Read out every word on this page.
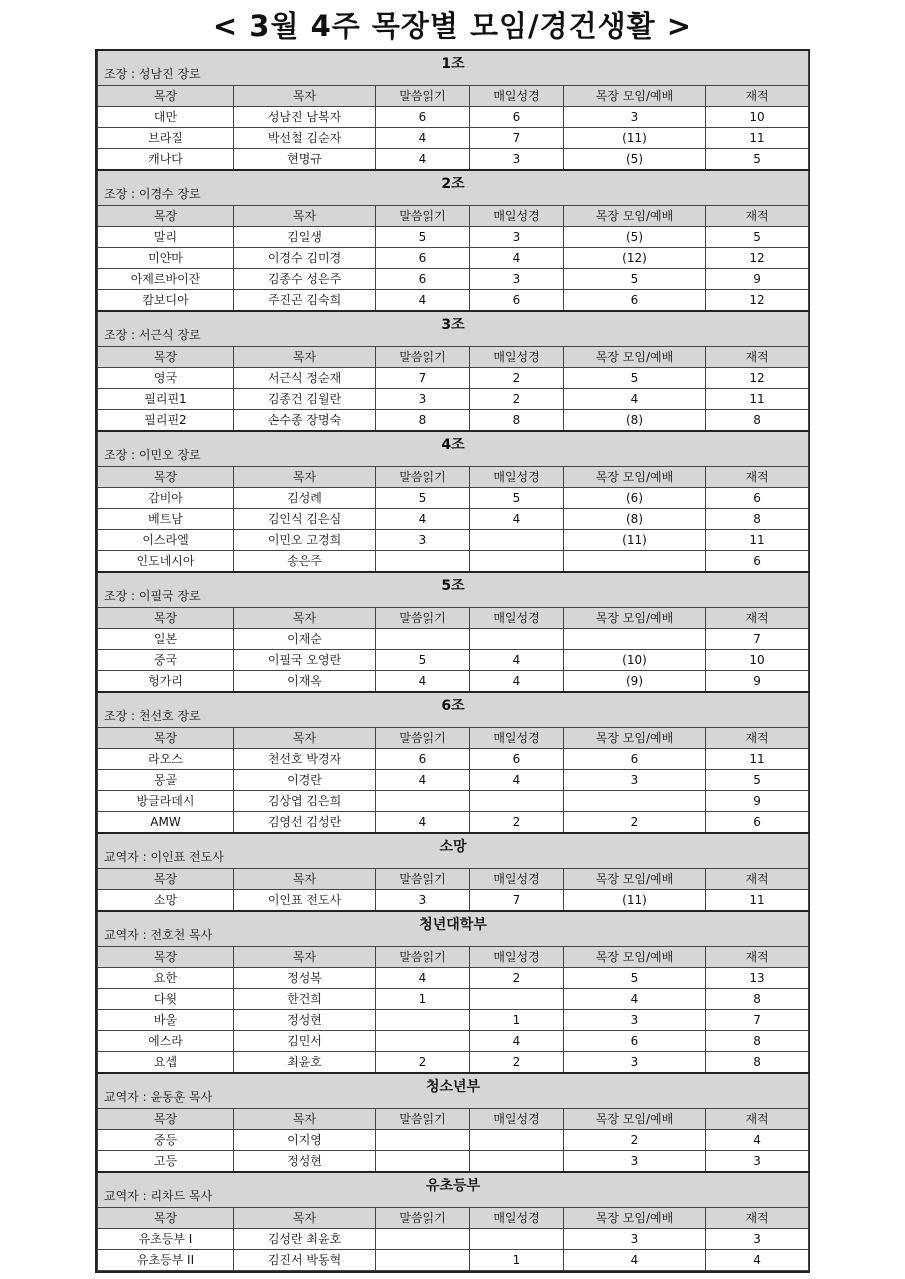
< 3월 4주 목장별 모임/경건생활 >
조장 : 성남진 장로
1조					

목장	목자	말씀읽기	매일성경	목장 모임/예배	재적
대만	성남진 남복자	6	6	3	10
브라질	박선철 김순자	4	7	(11)	11
캐나다	현명규	4	3	(5)	5

조장 : 이경수 장로
2조					

목장	목자	말씀읽기	매일성경	목장 모임/예배	재적
말리	김일생	5	3	(5)	5
미얀마	이경수 김미경	6	4	(12)	12
아제르바이잔	김종수 성은주	6	3	5	9
캄보디아	주진곤 김숙희	4	6	6	12

조장 : 서근식 장로
3조					

목장	목자	말씀읽기	매일성경	목장 모임/예배	재적
영국	서근식 정순재	7	2	5	12
필리핀1	김종건 김월란	3	2	4	11
필리핀2	손수종 장명숙	8	8	(8)	8

조장 : 이민오 장로
4조					

목장	목자	말씀읽기	매일성경	목장 모임/예배	재적
감비아	김성례	5	5	(6)	6
베트남	김인식 김은심	4	4	(8)	8
이스라엘	이민오 고경희	3		(11)	11
인도네시아	송은주				6

조장 : 이필국 장로
5조					

목장	목자	말씀읽기	매일성경	목장 모임/예배	재적
일본	이재순				7
중국	이필국 오영란	5	4	(10)	10
헝가리	이재옥	4	4	(9)	9

조장 : 천선호 장로
6조					

목장	목자	말씀읽기	매일성경	목장 모임/예배	재적
라오스	천선호 박경자	6	6	6	11
몽골	이경란	4	4	3	5
방글라데시	김상엽 김은희				9
AMW	김영선 김성란	4	2	2	6

교역자 : 이인표 전도사
소망					

목장	목자	말씀읽기	매일성경	목장 모임/예배	재적
소망	이인표 전도사	3	7	(11)	11

교역자 : 전호천 목사
청년대학부					

목장	목자	말씀읽기	매일성경	목장 모임/예배	재적
요한	정성복	4	2	5	13
다윗	한건희	1		4	8
바울	정성현		1	3	7
에스라	김민서		4	6	8
요셉	최윤호	2	2	3	8

교역자 : 윤동훈 목사
청소년부					

목장	목자	말씀읽기	매일성경	목장 모임/예배	재적
중등	이지영			2	4
고등	정성현			3	3

교역자 : 리차드 목사
유초등부					

목장	목자	말씀읽기	매일성경	목장 모임/예배	재적
유초등부 I	김성란 최윤호			3	3
유초등부 II	김진서 박동혁		1	4	4
